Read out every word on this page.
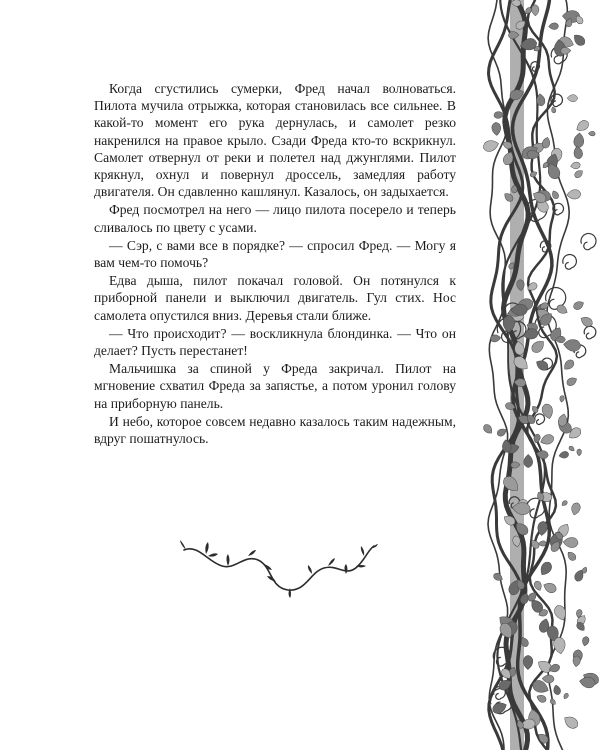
Когда сгустились сумерки, Фред начал волноваться. Пилота мучила отрыжка, которая становилась все сильнее. В какой-то момент его рука дернулась, и самолет резко накренился на правое крыло. Сзади Фреда кто-то вскрикнул. Самолет отвернул от реки и полетел над джунглями. Пилот крякнул, охнул и повернул дроссель, замедляя работу двигателя. Он сдавленно кашлянул. Казалось, он задыхается.

Фред посмотрел на него — лицо пилота посерело и теперь сливалось по цвету с усами.

— Сэр, с вами все в порядке? — спросил Фред. — Могу я вам чем-то помочь?

Едва дыша, пилот покачал головой. Он потянулся к приборной панели и выключил двигатель. Гул стих. Нос самолета опустился вниз. Деревья стали ближе.

— Что происходит? — воскликнула блондинка. — Что он делает? Пусть перестанет!

Мальчишка за спиной у Фреда закричал. Пилот на мгновение схватил Фреда за запястье, а потом уронил голову на приборную панель.

И небо, которое совсем недавно казалось таким надежным, вдруг пошатнулось.
